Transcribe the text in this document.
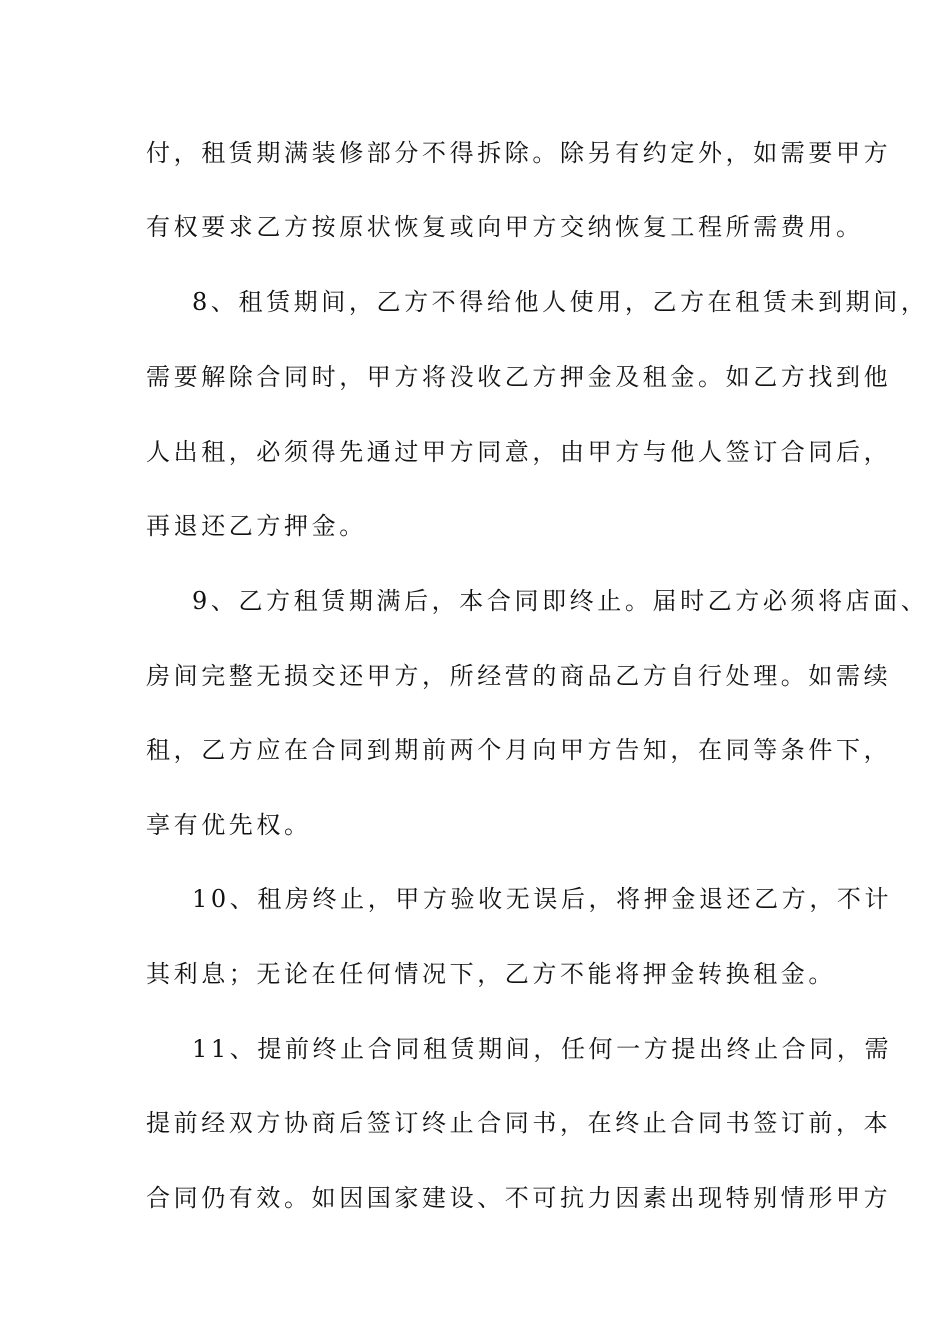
付，租赁期满装修部分不得拆除。除另有约定外，如需要甲方
有权要求乙方按原状恢复或向甲方交纳恢复工程所需费用。
8、租赁期间，乙方不得给他人使用，乙方在租赁未到期间，
需要解除合同时，甲方将没收乙方押金及租金。如乙方找到他
人出租，必须得先通过甲方同意，由甲方与他人签订合同后，
再退还乙方押金。
9、乙方租赁期满后，本合同即终止。届时乙方必须将店面、
房间完整无损交还甲方，所经营的商品乙方自行处理。如需续
租，乙方应在合同到期前两个月向甲方告知，在同等条件下，
享有优先权。
10、租房终止，甲方验收无误后，将押金退还乙方，不计
其利息；无论在任何情况下，乙方不能将押金转换租金。
11、提前终止合同租赁期间，任何一方提出终止合同，需
提前经双方协商后签订终止合同书，在终止合同书签订前，本
合同仍有效。如因国家建设、不可抗力因素出现特别情形甲方
